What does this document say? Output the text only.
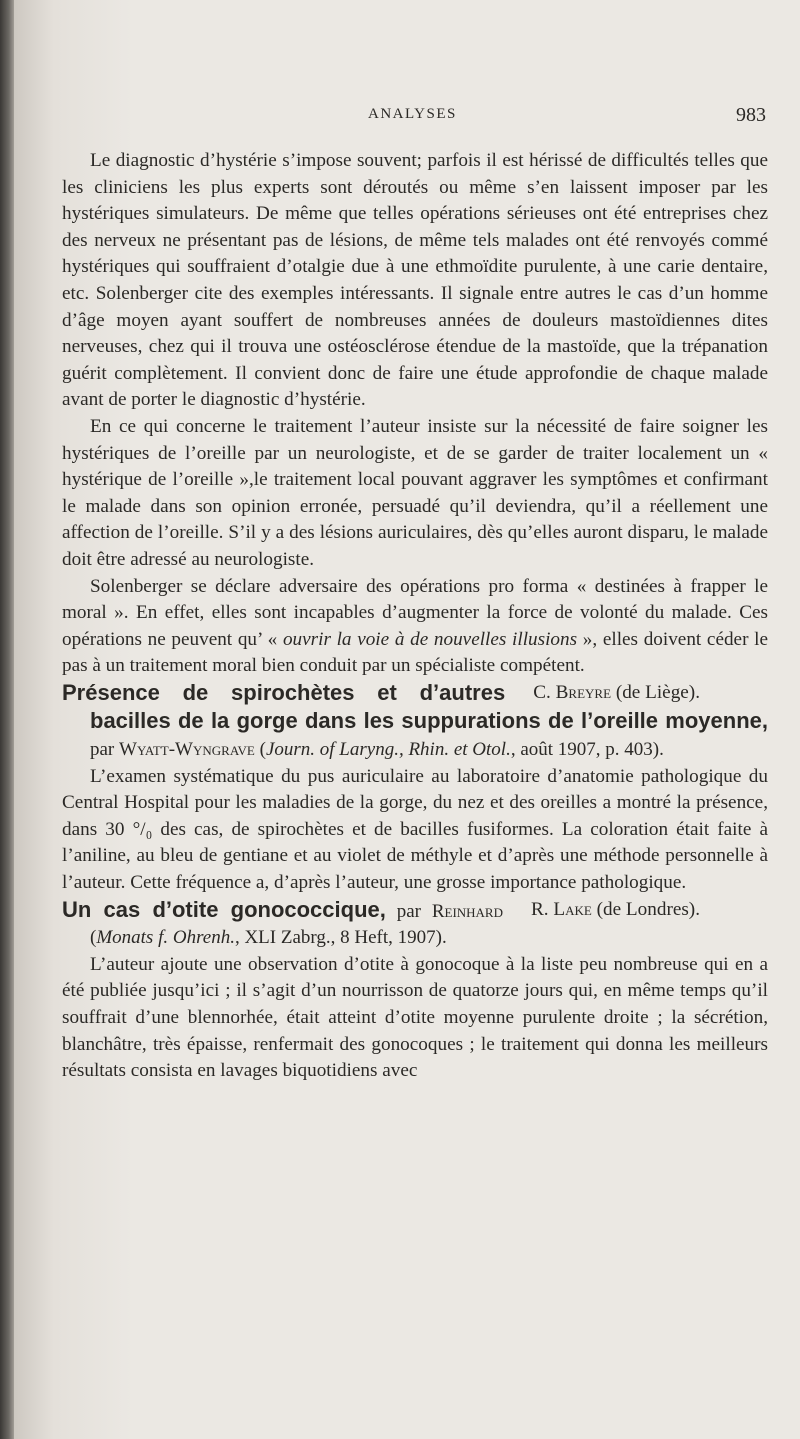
ANALYSES	983

Le diagnostic d’hystérie s’impose souvent; parfois il est hérissé de difficultés telles que les cliniciens les plus experts sont déroutés ou même s’en laissent imposer par les hystériques simulateurs. De même que telles opérations sérieuses ont été entreprises chez des nerveux ne présentant pas de lésions, de même tels malades ont été renvoyés commé hystériques qui souffraient d’otalgie due à une ethmoïdite purulente, à une carie dentaire, etc. Solenberger cite des exemples intéressants. Il signale entre autres le cas d’un homme d’âge moyen ayant souffert de nombreuses années de douleurs mastoïdiennes dites nerveuses, chez qui il trouva une ostéosclérose étendue de la mastoïde, que la trépanation guérit complètement. Il convient donc de faire une étude approfondie de chaque malade avant de porter le diagnostic d’hystérie.

En ce qui concerne le traitement l’auteur insiste sur la nécessité de faire soigner les hystériques de l’oreille par un neurologiste, et de se garder de traiter localement un « hystérique de l’oreille »,le traitement local pouvant aggraver les symptômes et confirmant le malade dans son opinion erronée, persuadé qu’il deviendra, qu’il a réellement une affection de l’oreille. S’il y a des lésions auriculaires, dès qu’elles auront disparu, le malade doit être adressé au neurologiste.

Solenberger se déclare adversaire des opérations pro forma « destinées à frapper le moral ». En effet, elles sont incapables d’augmenter la force de volonté du malade. Ces opérations ne peuvent qu’ « ouvrir la voie à de nouvelles illusions », elles doivent céder le pas à un traitement moral bien conduit par un spécialiste compétent.
C. Breyre (de Liège).

Présence de spirochètes et d’autres bacilles de la gorge dans les suppurations de l’oreille moyenne, par Wyatt-Wyngrave (Journ. of Laryng., Rhin. et Otol., août 1907, p. 403).

L’examen systématique du pus auriculaire au laboratoire d’anatomie pathologique du Central Hospital pour les maladies de la gorge, du nez et des oreilles a montré la présence, dans 30 °/₀ des cas, de spirochètes et de bacilles fusiformes. La coloration était faite à l’aniline, au bleu de gentiane et au violet de méthyle et d’après une méthode personnelle à l’auteur. Cette fréquence a, d’après l’auteur, une grosse importance pathologique.
R. Lake (de Londres).

Un cas d’otite gonococcique, par Reinhard (Monats f. Ohrenh., XLI Zabrg., 8 Heft, 1907).

L’auteur ajoute une observation d’otite à gonocoque à la liste peu nombreuse qui en a été publiée jusqu’ici ; il s’agit d’un nourrisson de quatorze jours qui, en même temps qu’il souffrait d’une blennorhée, était atteint d’otite moyenne purulente droite ; la sécrétion, blanchâtre, très épaisse, renfermait des gonocoques ; le traitement qui donna les meilleurs résultats consista en lavages biquotidiens avec
